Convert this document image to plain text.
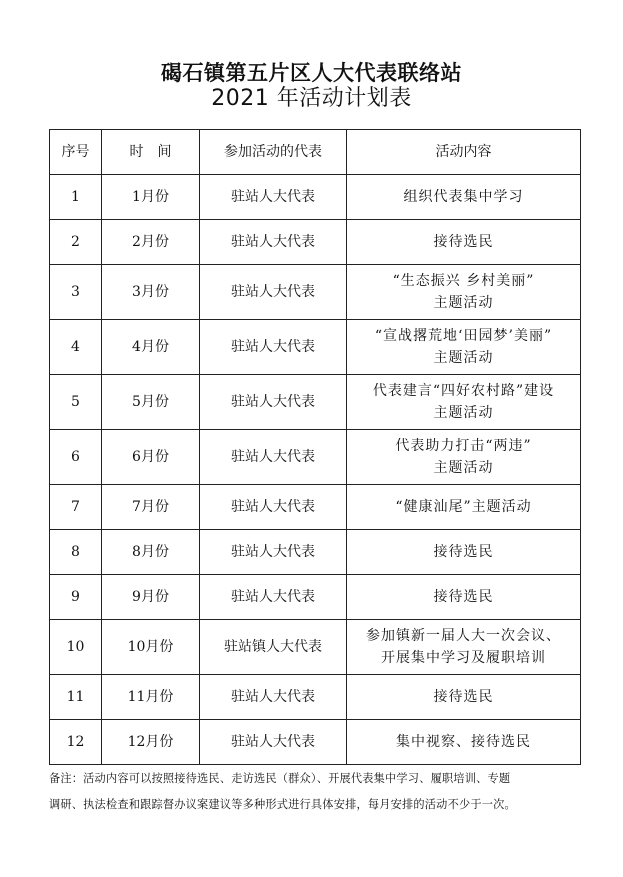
碣石镇第五片区人大代表联络站
2021 年活动计划表
序号	时　间	参加活动的代表	活动内容
1	1月份	驻站人大代表	组织代表集中学习

2	2月份	驻站人大代表	接待选民

3	3月份	驻站人大代表	“生态振兴 乡村美丽”
主题活动

4	4月份	驻站人大代表	“宣战撂荒地‘田园梦’美丽”
主题活动

5	5月份	驻站人大代表	代表建言“四好农村路”建设
主题活动

6	6月份	驻站人大代表	代表助力打击“两违”
主题活动

7	7月份	驻站人大代表	“健康汕尾”主题活动

8	8月份	驻站人大代表	接待选民

9	9月份	驻站人大代表	接待选民

10	10月份	驻站镇人大代表	参加镇新一届人大一次会议、
开展集中学习及履职培训

11	11月份	驻站人大代表	接待选民

12	12月份	驻站人大代表	集中视察、接待选民
备注：活动内容可以按照接待选民、走访选民（群众）、开展代表集中学习、履职培训、专题
调研、执法检查和跟踪督办议案建议等多种形式进行具体安排，每月安排的活动不少于一次。
